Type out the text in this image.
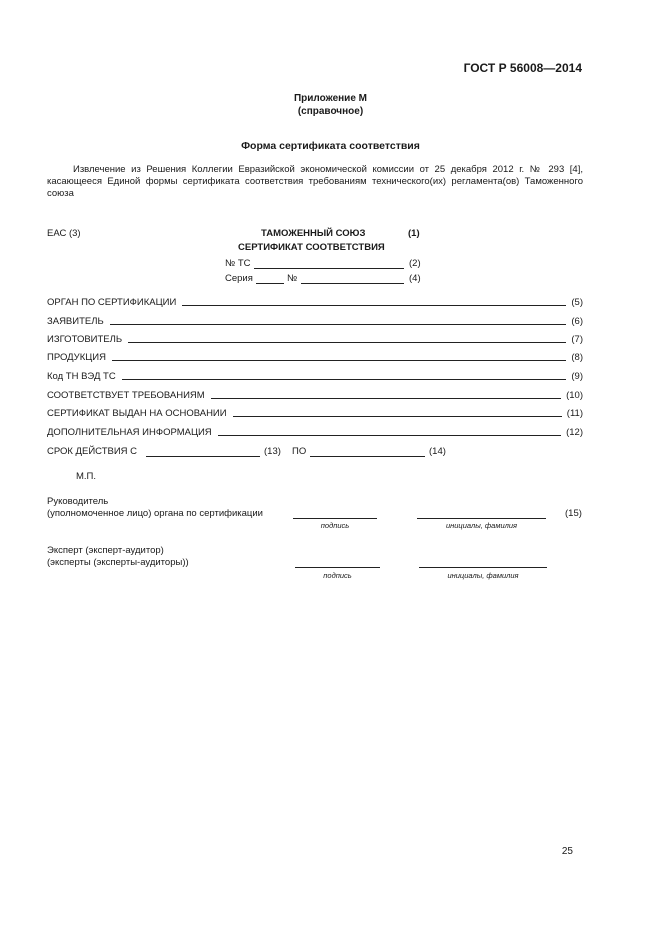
ГОСТ Р 56008—2014
Приложение М
(справочное)
Форма сертификата соответствия
Извлечение из Решения Коллегии Евразийской экономической комиссии от 25 декабря 2012 г. № 293 [4], касающееся Единой формы сертификата соответствия требованиям технического(их) регламента(ов) Таможенного союза
ЕАС (3)	ТАМОЖЕННЫЙ СОЮЗ	(1)
СЕРТИФИКАТ СООТВЕТСТВИЯ
№ ТС	(2)
Серия	№	(4)
ОРГАН ПО СЕРТИФИКАЦИИ	(5)
ЗАЯВИТЕЛЬ	(6)
ИЗГОТОВИТЕЛЬ	(7)
ПРОДУКЦИЯ	(8)
Код ТН ВЭД ТС	(9)
СООТВЕТСТВУЕТ ТРЕБОВАНИЯМ	(10)
СЕРТИФИКАТ ВЫДАН НА ОСНОВАНИИ	(11)
ДОПОЛНИТЕЛЬНАЯ ИНФОРМАЦИЯ	(12)
СРОК ДЕЙСТВИЯ С	(13) ПО	(14)
М.П.
Руководитель
(уполномоченное лицо) органа по сертификации	(15)
подпись	инициалы, фамилия
Эксперт (эксперт-аудитор)
(эксперты (эксперты-аудиторы))
подпись	инициалы, фамилия
25
